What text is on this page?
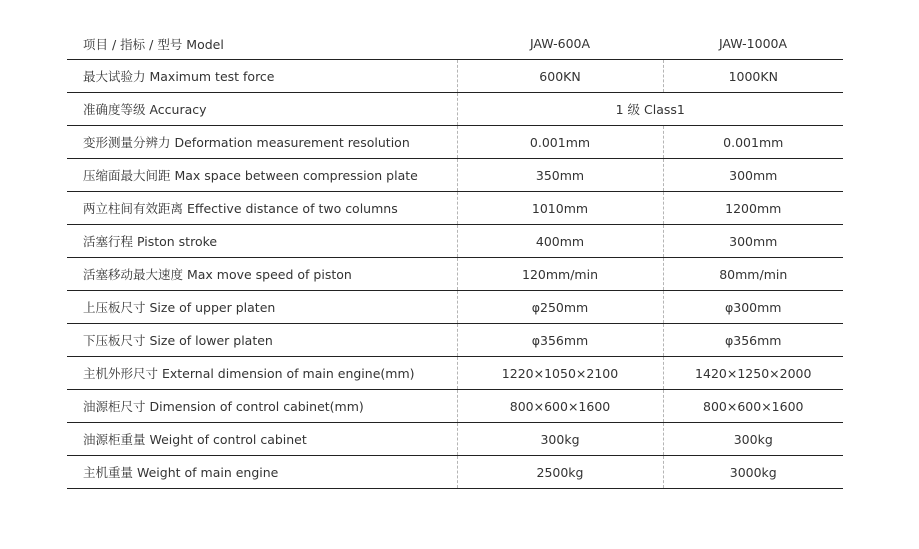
项目 / 指标 / 型号 Model	JAW-600A	JAW-1000A
最大试验力 Maximum test force	600KN	1000KN
准确度等级 Accuracy	1 级 Class1	
变形测量分辨力 Deformation measurement resolution	0.001mm	0.001mm
压缩面最大间距 Max space between compression plate	350mm	300mm
两立柱间有效距离 Effective distance of two columns	1010mm	1200mm
活塞行程 Piston stroke	400mm	300mm
活塞移动最大速度 Max move speed of piston	120mm/min	80mm/min
上压板尺寸 Size of upper platen	φ250mm	φ300mm
下压板尺寸 Size of lower platen	φ356mm	φ356mm
主机外形尺寸 External dimension of main engine(mm)	1220×1050×2100	1420×1250×2000
油源柜尺寸 Dimension of control cabinet(mm)	800×600×1600	800×600×1600
油源柜重量 Weight of control cabinet	300kg	300kg
主机重量 Weight of main engine	2500kg	3000kg
